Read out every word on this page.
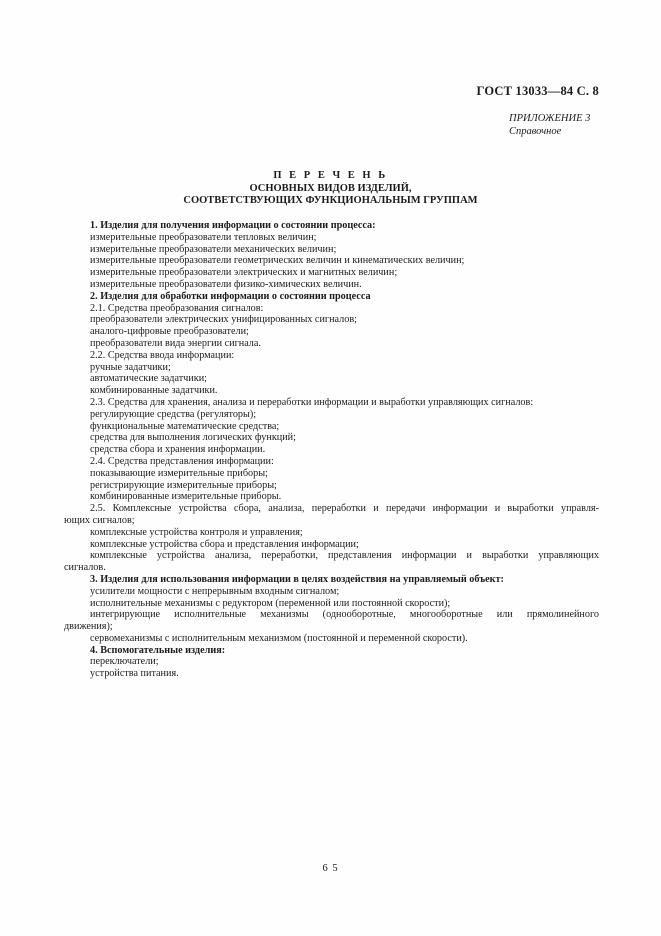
ГОСТ 13033—84 С. 8
ПРИЛОЖЕНИЕ 3
Справочное
П Е Р Е Ч Е Н Ь
ОСНОВНЫХ ВИДОВ ИЗДЕЛИЙ,
СООТВЕТСТВУЮЩИХ ФУНКЦИОНАЛЬНЫМ ГРУППАМ
1. Изделия для получения информации о состоянии процесса:
измерительные преобразователи тепловых величин;
измерительные преобразователи механических величин;
измерительные преобразователи геометрических величин и кинематических величин;
измерительные преобразователи электрических и магнитных величин;
измерительные преобразователи физико-химических величин.
2. Изделия для обработки информации о состоянии процесса
2.1. Средства преобразования сигналов:
преобразователи электрических унифицированных сигналов;
аналого-цифровые преобразователи;
преобразователи вида энергии сигнала.
2.2. Средства ввода информации:
ручные задатчики;
автоматические задатчики;
комбинированные задатчики.
2.3. Средства для хранения, анализа и переработки информации и выработки управляющих сигналов:
регулирующие средства (регуляторы);
функциональные математические средства;
средства для выполнения логических функций;
средства сбора и хранения информации.
2.4. Средства представления информации:
показывающие измерительные приборы;
регистрирующие измерительные приборы;
комбинированные измерительные приборы.
2.5. Комплексные устройства сбора, анализа, переработки и передачи информации и выработки управля-
ющих сигналов;
комплексные устройства контроля и управления;
комплексные устройства сбора и представления информации;
комплексные устройства анализа, переработки, представления информации и выработки управляющих
сигналов.
3. Изделия для использования информации в целях воздействия на управляемый объект:
усилители мощности с непрерывным входным сигналом;
исполнительные механизмы с редуктором (переменной или постоянной скорости);
интегрирующие исполнительные механизмы (однооборотные, многооборотные или прямолинейного
движения);
сервомеханизмы с исполнительным механизмом (постоянной и переменной скорости).
4. Вспомогательные изделия:
переключатели;
устройства питания.
6 5
